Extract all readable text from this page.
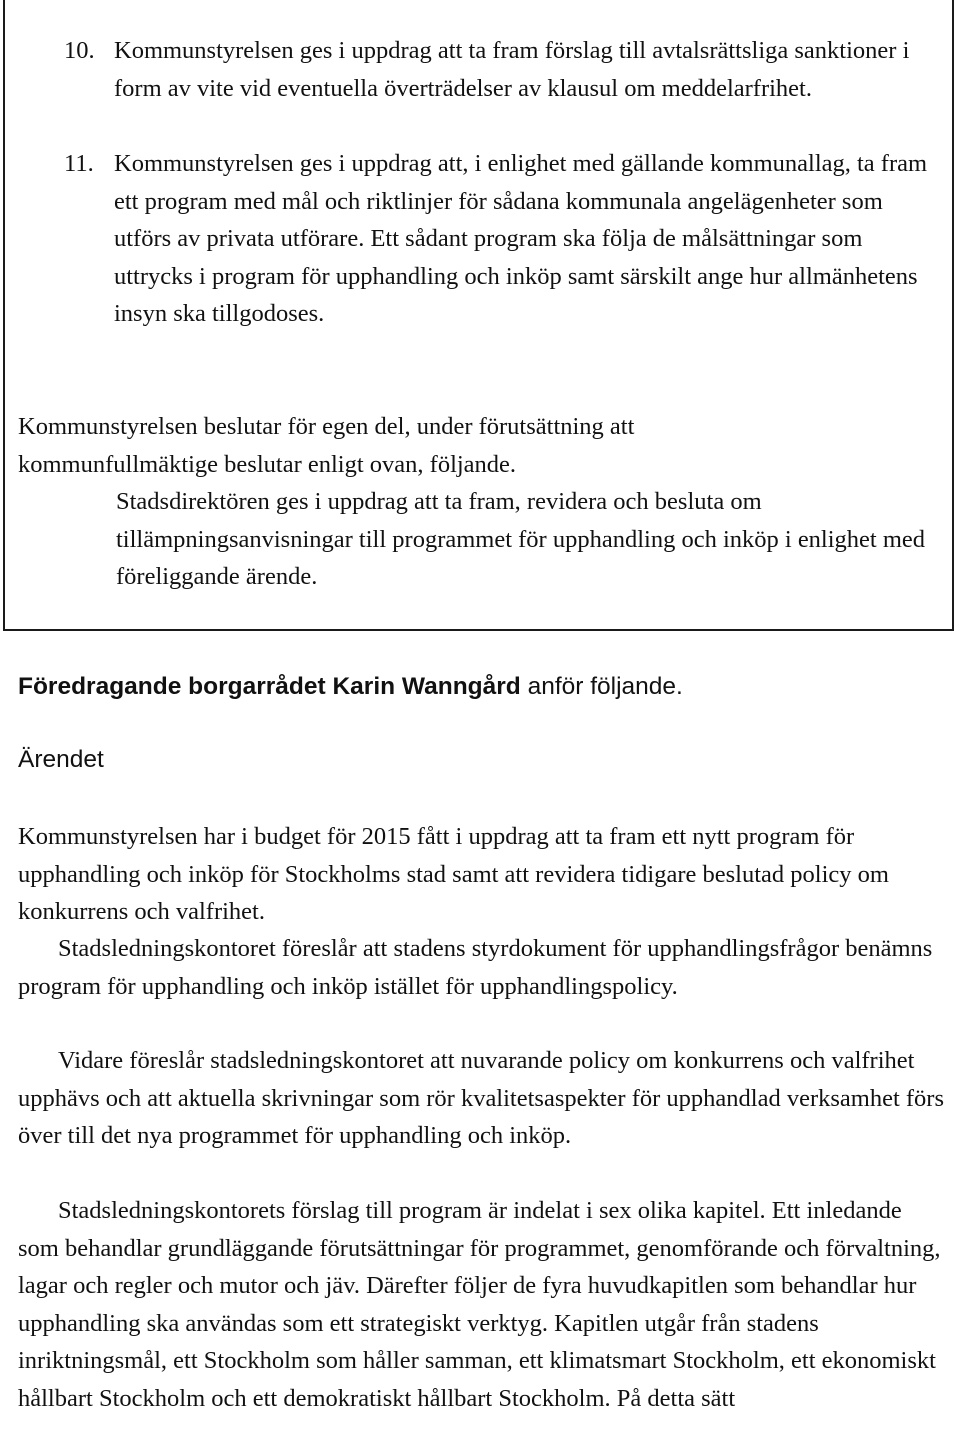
10. Kommunstyrelsen ges i uppdrag att ta fram förslag till avtalsrättsliga sanktioner i form av vite vid eventuella överträdelser av klausul om meddelarfrihet.

11. Kommunstyrelsen ges i uppdrag att, i enlighet med gällande kommunallag, ta fram ett program med mål och riktlinjer för sådana kommunala angelägenheter som utförs av privata utförare. Ett sådant program ska följa de målsättningar som uttrycks i program för upphandling och inköp samt särskilt ange hur allmänhetens insyn ska tillgodoses.

Kommunstyrelsen beslutar för egen del, under förutsättning att kommunfullmäktige beslutar enligt ovan, följande.

Stadsdirektören ges i uppdrag att ta fram, revidera och besluta om tillämpningsanvisningar till programmet för upphandling och inköp i enlighet med föreliggande ärende.

Föredragande borgarrådet Karin Wanngård anför följande.
Ärendet

Kommunstyrelsen har i budget för 2015 fått i uppdrag att ta fram ett nytt program för upphandling och inköp för Stockholms stad samt att revidera tidigare beslutad policy om konkurrens och valfrihet.

Stadsledningskontoret föreslår att stadens styrdokument för upphandlingsfrågor benämns program för upphandling och inköp istället för upphandlingspolicy.

Vidare föreslår stadsledningskontoret att nuvarande policy om konkurrens och valfrihet upphävs och att aktuella skrivningar som rör kvalitetsaspekter för upphandlad verksamhet förs över till det nya programmet för upphandling och inköp.

Stadsledningskontorets förslag till program är indelat i sex olika kapitel. Ett inledande som behandlar grundläggande förutsättningar för programmet, genomförande och förvaltning, lagar och regler och mutor och jäv. Därefter följer de fyra huvudkapitlen som behandlar hur upphandling ska användas som ett strategiskt verktyg. Kapitlen utgår från stadens inriktningsmål, ett Stockholm som håller samman, ett klimatsmart Stockholm, ett ekonomiskt hållbart Stockholm och ett demokratiskt hållbart Stockholm. På detta sätt
